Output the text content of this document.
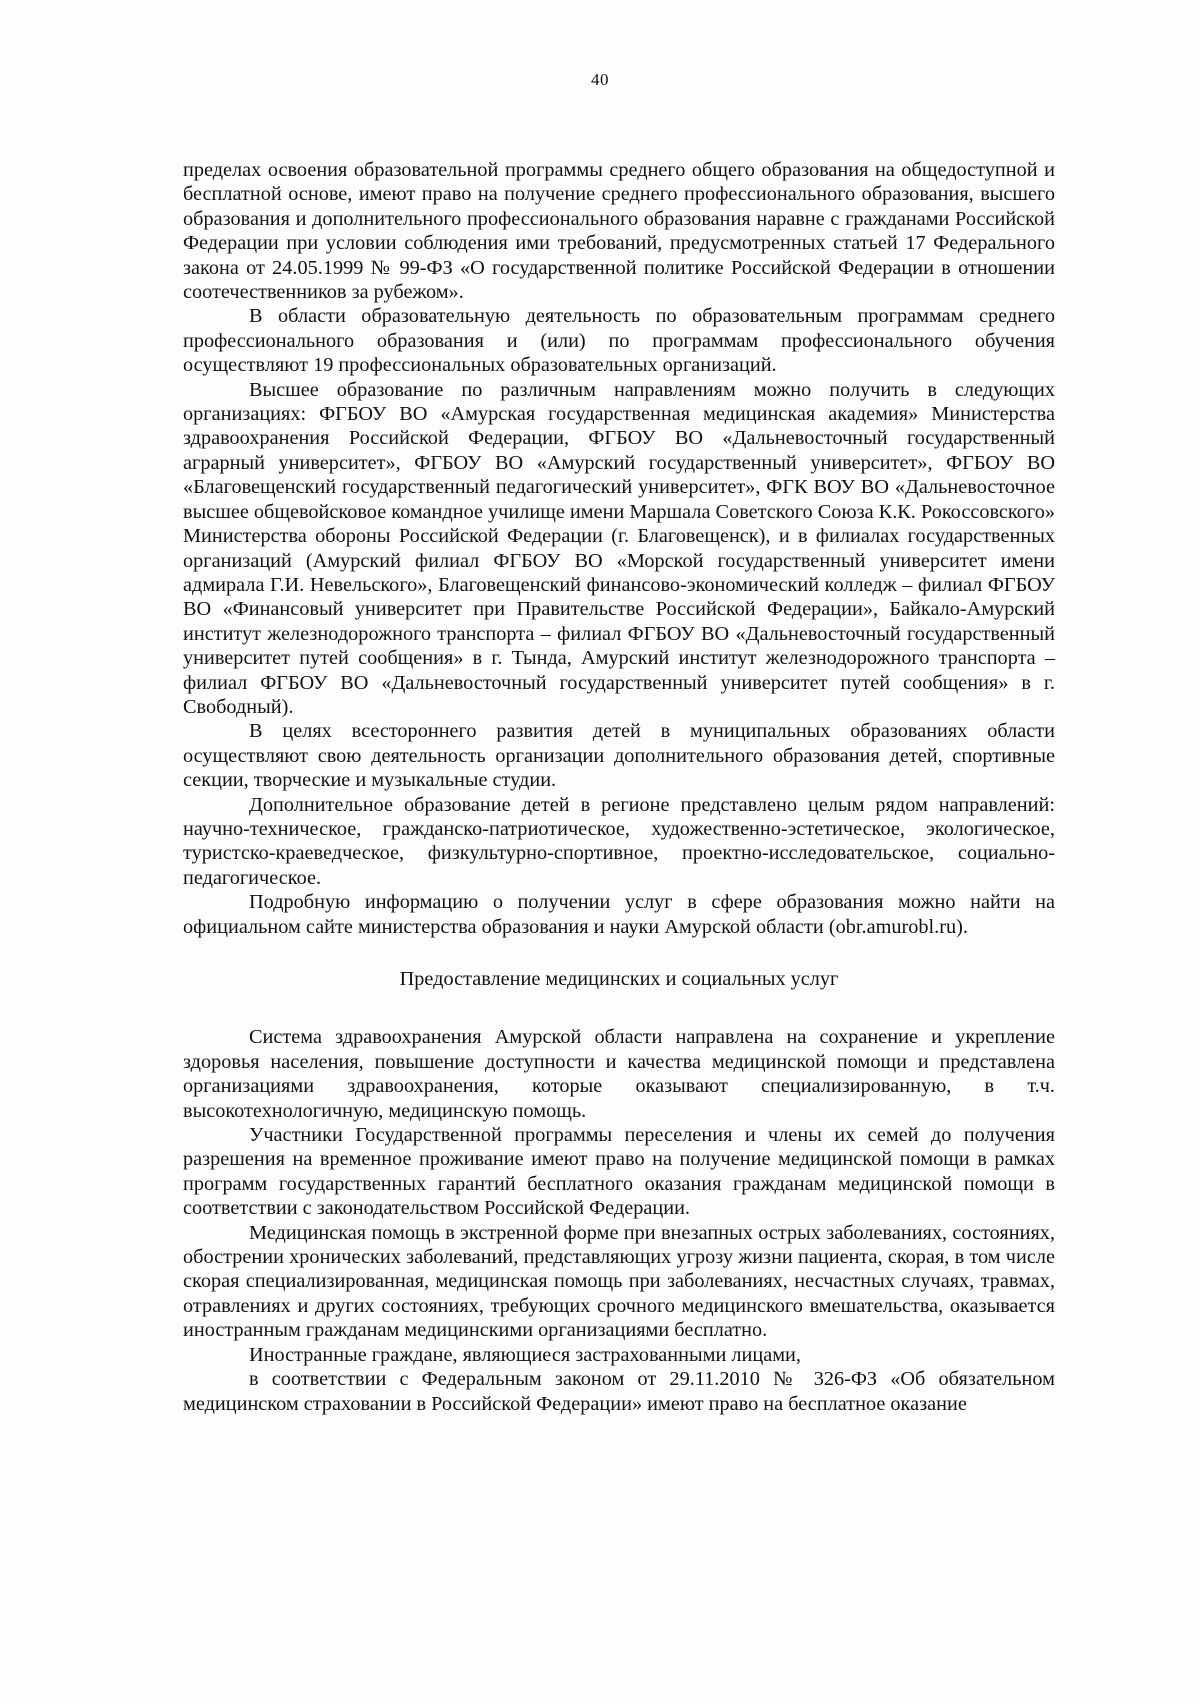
40

пределах освоения образовательной программы среднего общего образования на общедоступной и бесплатной основе, имеют право на получение среднего профессионального образования, высшего образования и дополнительного профессионального образования наравне с гражданами Российской Федерации при условии соблюдения ими требований, предусмотренных статьей 17 Федерального закона от 24.05.1999 № 99-ФЗ «О государственной политике Российской Федерации в отношении соотечественников за рубежом».

В области образовательную деятельность по образовательным программам среднего профессионального образования и (или) по программам профессионального обучения осуществляют 19 профессиональных образовательных организаций.

Высшее образование по различным направлениям можно получить в следующих организациях: ФГБОУ ВО «Амурская государственная медицинская академия» Министерства здравоохранения Российской Федерации, ФГБОУ ВО «Дальневосточный государственный аграрный университет», ФГБОУ ВО «Амурский государственный университет», ФГБОУ ВО «Благовещенский государственный педагогический университет», ФГК ВОУ ВО «Дальневосточное высшее общевойсковое командное училище имени Маршала Советского Союза К.К. Рокоссовского» Министерства обороны Российской Федерации (г. Благовещенск), и в филиалах государственных организаций (Амурский филиал ФГБОУ ВО «Морской государственный университет имени адмирала Г.И. Невельского», Благовещенский финансово-экономический колледж – филиал ФГБОУ ВО «Финансовый университет при Правительстве Российской Федерации», Байкало-Амурский институт железнодорожного транспорта – филиал ФГБОУ ВО «Дальневосточный государственный университет путей сообщения» в г. Тында, Амурский институт железнодорожного транспорта – филиал ФГБОУ ВО «Дальневосточный государственный университет путей сообщения» в г. Свободный).

В целях всестороннего развития детей в муниципальных образованиях области осуществляют свою деятельность организации дополнительного образования детей, спортивные секции, творческие и музыкальные студии.

Дополнительное образование детей в регионе представлено целым рядом направлений: научно-техническое, гражданско-патриотическое, художественно-эстетическое, экологическое, туристско-краеведческое, физкультурно-спортивное, проектно-исследовательское, социально-педагогическое.

Подробную информацию о получении услуг в сфере образования можно найти на официальном сайте министерства образования и науки Амурской области (obr.amurobl.ru).

Предоставление медицинских и социальных услуг

Система здравоохранения Амурской области направлена на сохранение и укрепление здоровья населения, повышение доступности и качества медицинской помощи и представлена организациями здравоохранения, которые оказывают специализированную, в т.ч. высокотехнологичную, медицинскую помощь.

Участники Государственной программы переселения и члены их семей до получения разрешения на временное проживание имеют право на получение медицинской помощи в рамках программ государственных гарантий бесплатного оказания гражданам медицинской помощи в соответствии с законодательством Российской Федерации.

Медицинская помощь в экстренной форме при внезапных острых заболеваниях, состояниях, обострении хронических заболеваний, представляющих угрозу жизни пациента, скорая, в том числе скорая специализированная, медицинская помощь при заболеваниях, несчастных случаях, травмах, отравлениях и других состояниях, требующих срочного медицинского вмешательства, оказывается иностранным гражданам медицинскими организациями бесплатно.

Иностранные граждане, являющиеся застрахованными лицами,

в соответствии с Федеральным законом от 29.11.2010 № 326-ФЗ «Об обязательном медицинском страховании в Российской Федерации» имеют право на бесплатное оказание
